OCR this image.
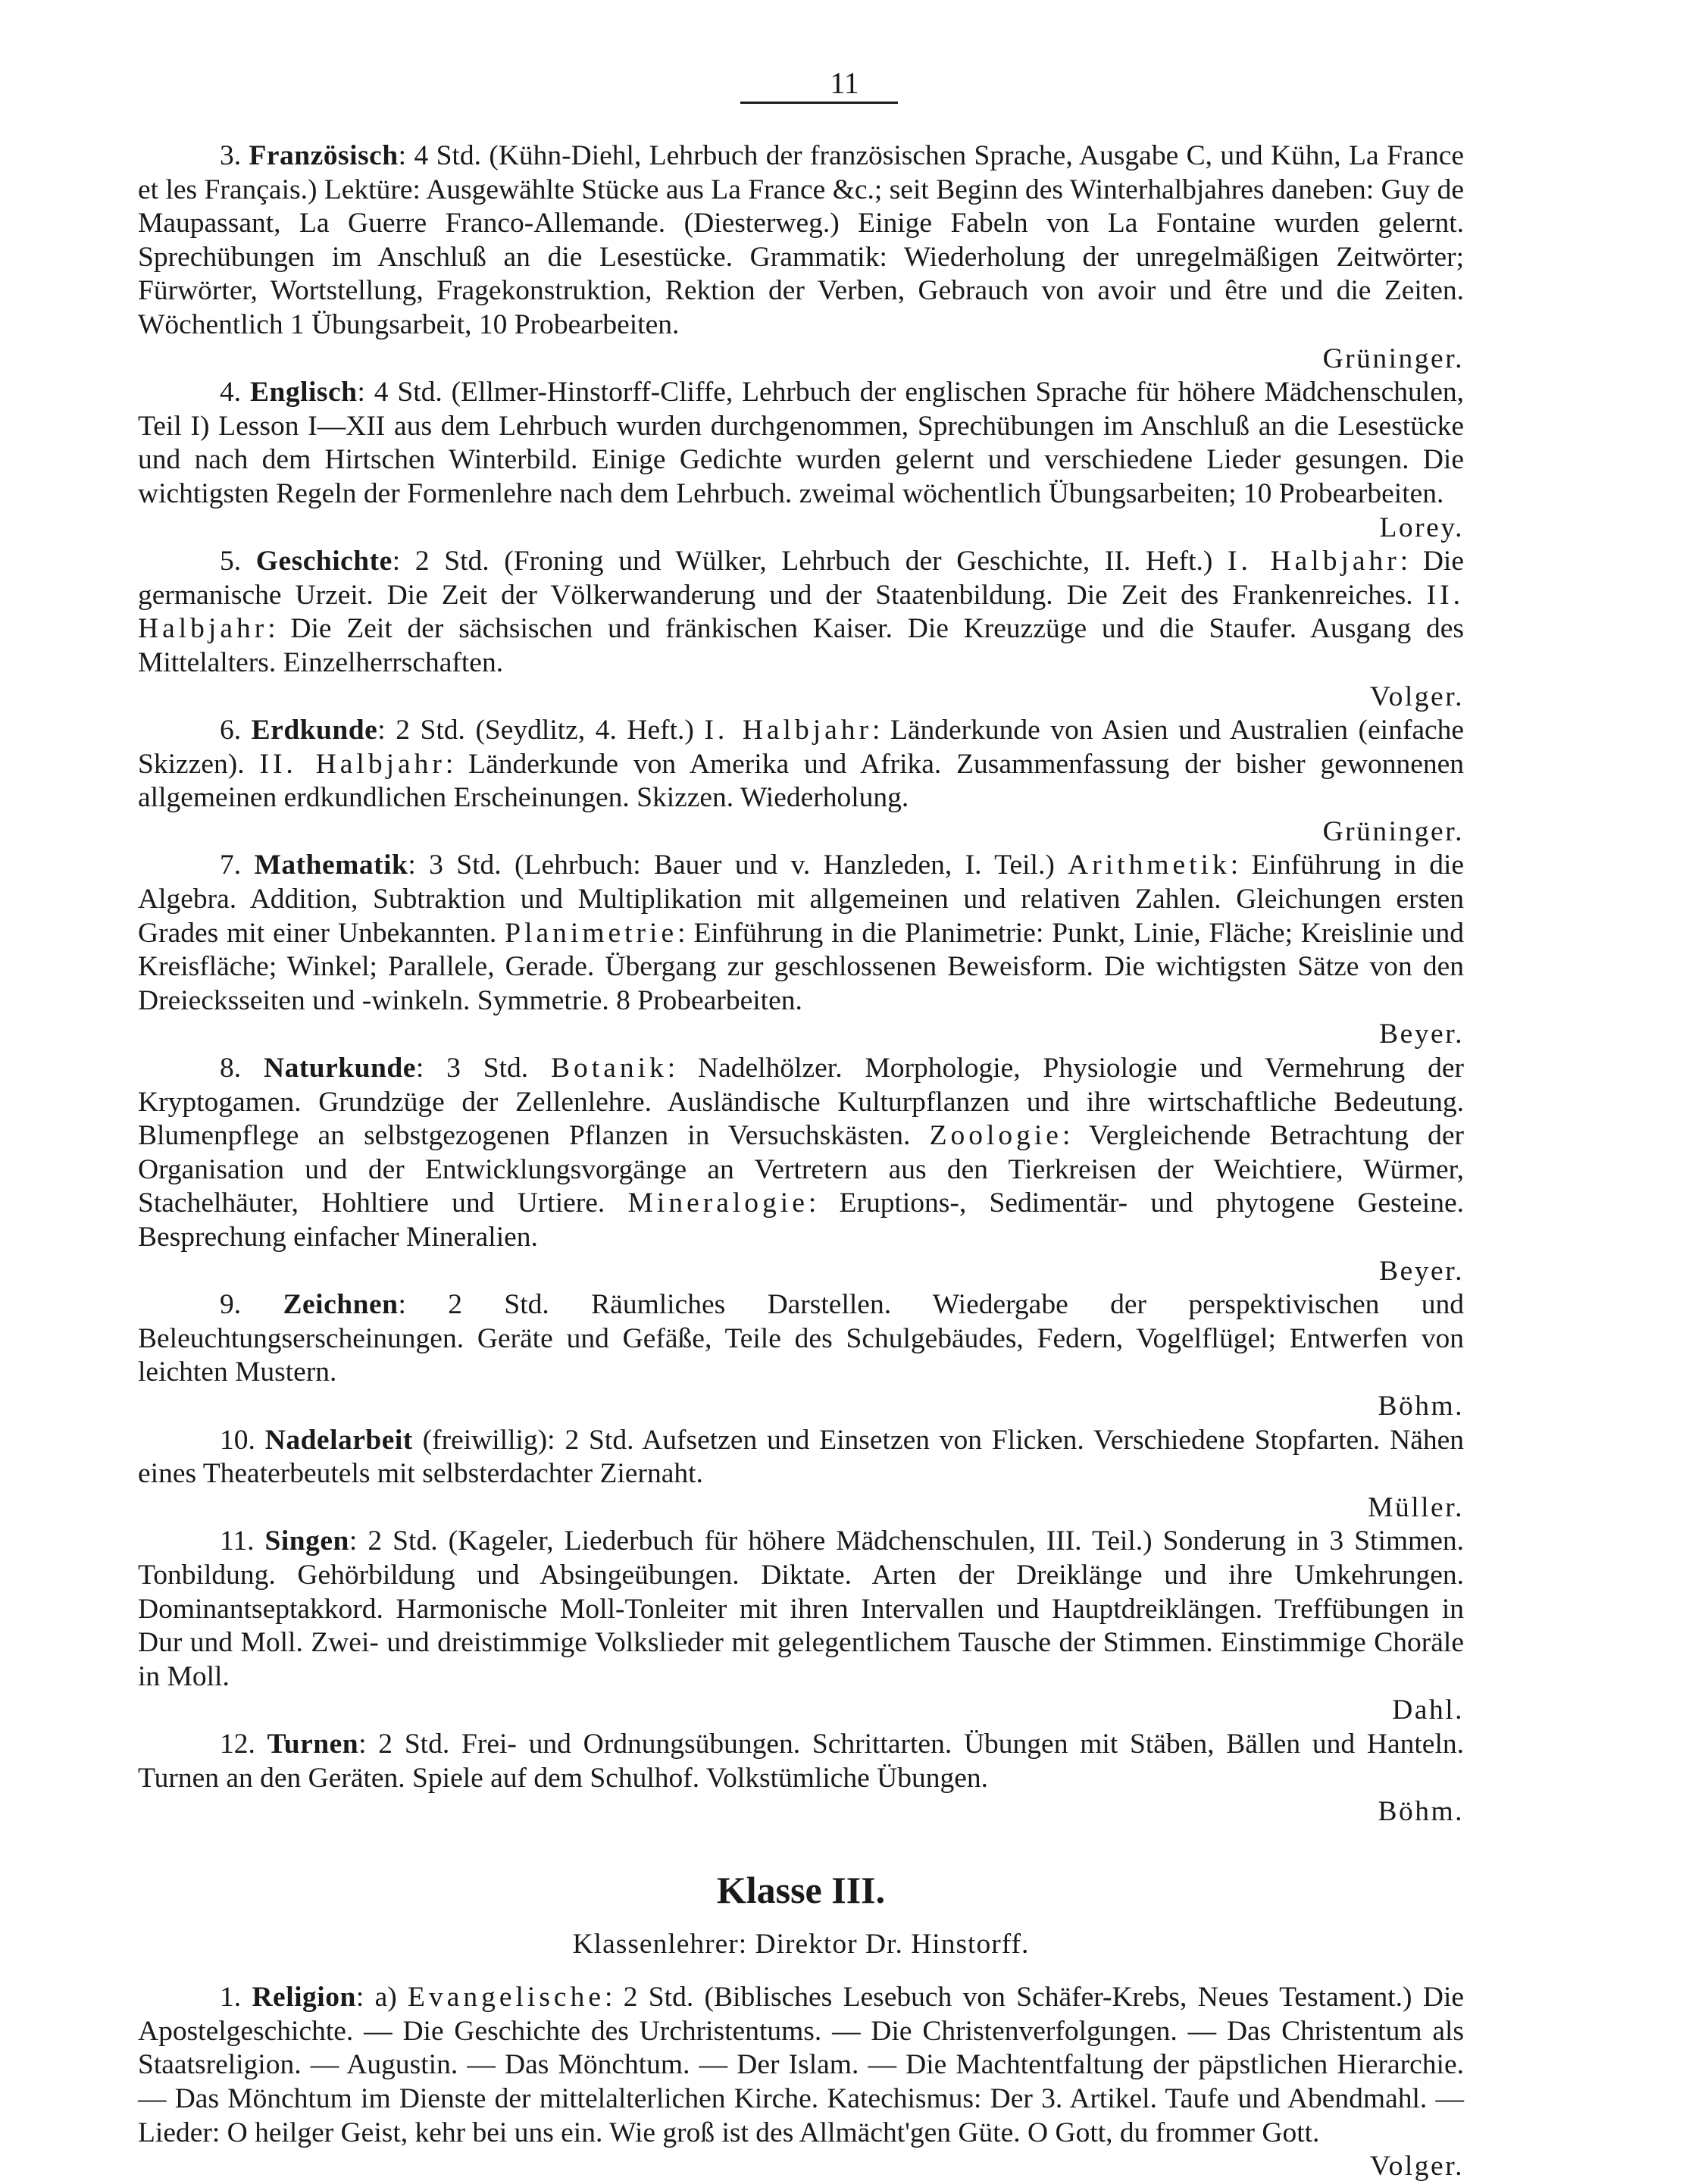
11

3. Französisch: 4 Std. (Kühn-Diehl, Lehrbuch der französischen Sprache, Ausgabe C, und Kühn, La France et les Français.) Lektüre: Ausgewählte Stücke aus La France &c.; seit Beginn des Winterhalbjahres daneben: Guy de Maupassant, La Guerre Franco-Allemande. (Diesterweg.) Einige Fabeln von La Fontaine wurden gelernt. Sprechübungen im Anschluß an die Lesestücke. Grammatik: Wiederholung der unregelmäßigen Zeitwörter; Fürwörter, Wortstellung, Fragekonstruktion, Rektion der Verben, Gebrauch von avoir und être und die Zeiten. Wöchentlich 1 Übungsarbeit, 10 Probearbeiten.
Grüninger.

4. Englisch: 4 Std. (Ellmer-Hinstorff-Cliffe, Lehrbuch der englischen Sprache für höhere Mädchenschulen, Teil I) Lesson I—XII aus dem Lehrbuch wurden durchgenommen, Sprechübungen im Anschluß an die Lesestücke und nach dem Hirtschen Winterbild. Einige Gedichte wurden gelernt und verschiedene Lieder gesungen. Die wichtigsten Regeln der Formenlehre nach dem Lehrbuch. zweimal wöchentlich Übungsarbeiten; 10 Probearbeiten.
Lorey.

5. Geschichte: 2 Std. (Froning und Wülker, Lehrbuch der Geschichte, II. Heft.) I. Halbjahr: Die germanische Urzeit. Die Zeit der Völkerwanderung und der Staatenbildung. Die Zeit des Frankenreiches. II. Halbjahr: Die Zeit der sächsischen und fränkischen Kaiser. Die Kreuzzüge und die Staufer. Ausgang des Mittelalters. Einzelherrschaften.
Volger.

6. Erdkunde: 2 Std. (Seydlitz, 4. Heft.) I. Halbjahr: Länderkunde von Asien und Australien (einfache Skizzen). II. Halbjahr: Länderkunde von Amerika und Afrika. Zusammenfassung der bisher gewonnenen allgemeinen erdkundlichen Erscheinungen. Skizzen. Wiederholung.
Grüninger.

7. Mathematik: 3 Std. (Lehrbuch: Bauer und v. Hanzleden, I. Teil.) Arithmetik: Einführung in die Algebra. Addition, Subtraktion und Multiplikation mit allgemeinen und relativen Zahlen. Gleichungen ersten Grades mit einer Unbekannten. Planimetrie: Einführung in die Planimetrie: Punkt, Linie, Fläche; Kreislinie und Kreisfläche; Winkel; Parallele, Gerade. Übergang zur geschlossenen Beweisform. Die wichtigsten Sätze von den Dreiecksseiten und -winkeln. Symmetrie. 8 Probearbeiten.
Beyer.

8. Naturkunde: 3 Std. Botanik: Nadelhölzer. Morphologie, Physiologie und Vermehrung der Kryptogamen. Grundzüge der Zellenlehre. Ausländische Kulturpflanzen und ihre wirtschaftliche Bedeutung. Blumenpflege an selbstgezogenen Pflanzen in Versuchskästen. Zoologie: Vergleichende Betrachtung der Organisation und der Entwicklungsvorgänge an Vertretern aus den Tierkreisen der Weichtiere, Würmer, Stachelhäuter, Hohltiere und Urtiere. Mineralogie: Eruptions-, Sedimentär- und phytogene Gesteine. Besprechung einfacher Mineralien.
Beyer.

9. Zeichnen: 2 Std. Räumliches Darstellen. Wiedergabe der perspektivischen und Beleuchtungserscheinungen. Geräte und Gefäße, Teile des Schulgebäudes, Federn, Vogelflügel; Entwerfen von leichten Mustern.
Böhm.

10. Nadelarbeit (freiwillig): 2 Std. Aufsetzen und Einsetzen von Flicken. Verschiedene Stopfarten. Nähen eines Theaterbeutels mit selbsterdachter Ziernaht.
Müller.

11. Singen: 2 Std. (Kageler, Liederbuch für höhere Mädchenschulen, III. Teil.) Sonderung in 3 Stimmen. Tonbildung. Gehörbildung und Absingeübungen. Diktate. Arten der Dreiklänge und ihre Umkehrungen. Dominantseptakkord. Harmonische Moll-Tonleiter mit ihren Intervallen und Hauptdreiklängen. Treffübungen in Dur und Moll. Zwei- und dreistimmige Volkslieder mit gelegentlichem Tausche der Stimmen. Einstimmige Choräle in Moll.
Dahl.

12. Turnen: 2 Std. Frei- und Ordnungsübungen. Schrittarten. Übungen mit Stäben, Bällen und Hanteln. Turnen an den Geräten. Spiele auf dem Schulhof. Volkstümliche Übungen.
Böhm.

Klasse III.
Klassenlehrer: Direktor Dr. Hinstorff.

1. Religion: a) Evangelische: 2 Std. (Biblisches Lesebuch von Schäfer-Krebs, Neues Testament.) Die Apostelgeschichte. — Die Geschichte des Urchristentums. — Die Christenverfolgungen. — Das Christentum als Staatsreligion. — Augustin. — Das Mönchtum. — Der Islam. — Die Machtentfaltung der päpstlichen Hierarchie. — Das Mönchtum im Dienste der mittelalterlichen Kirche. Katechismus: Der 3. Artikel. Taufe und Abendmahl. — Lieder: O heilger Geist, kehr bei uns ein. Wie groß ist des Allmächt'gen Güte. O Gott, du frommer Gott.
Volger.
